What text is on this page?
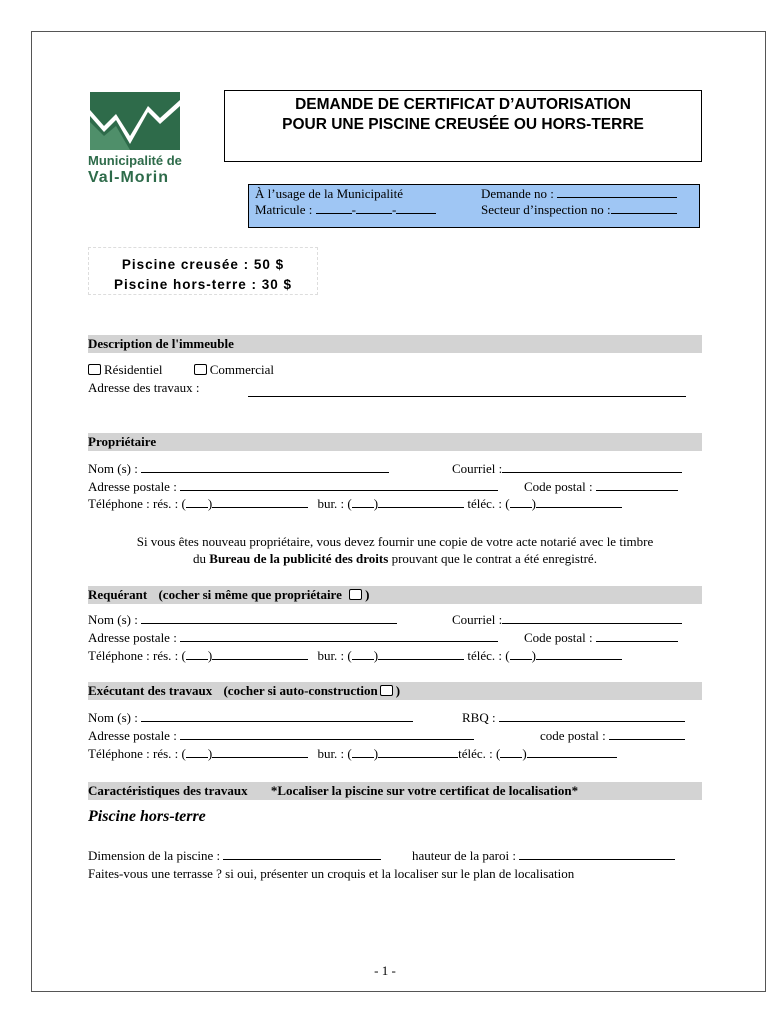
Municipalité de
Val-Morin
DEMANDE DE CERTIFICAT D’AUTORISATION
POUR UNE PISCINE CREUSÉE OU HORS-TERRE
À l’usage de la Municipalité	Demande no :
Matricule :	-	-	Secteur d’inspection no :
Piscine creusée : 50 $
Piscine hors-terre : 30 $
Description de l'immeuble
Résidentiel	Commercial
Adresse des travaux :
Propriétaire
Nom (s) :	Courriel :
Adresse postale :	Code postal :
Téléphone : rés. : ( )	bur. : ( )	téléc. : ( )
Si vous êtes nouveau propriétaire, vous devez fournir une copie de votre acte notarié avec le timbre
du Bureau de la publicité des droits prouvant que le contrat a été enregistré.
Requérant (cocher si même que propriétaire )
Nom (s) :	Courriel :
Adresse postale :	Code postal :
Téléphone : rés. : ( )	bur. : ( )	téléc. : ( )
Exécutant des travaux (cocher si auto-construction )
Nom (s) :	RBQ :
Adresse postale :	code postal :
Téléphone : rés. : ( )	bur. : ( )	téléc. : ( )
Caractéristiques des travaux *Localiser la piscine sur votre certificat de localisation*
Piscine hors-terre
Dimension de la piscine :	hauteur de la paroi :
Faites-vous une terrasse ? si oui, présenter un croquis et la localiser sur le plan de localisation
- 1 -
